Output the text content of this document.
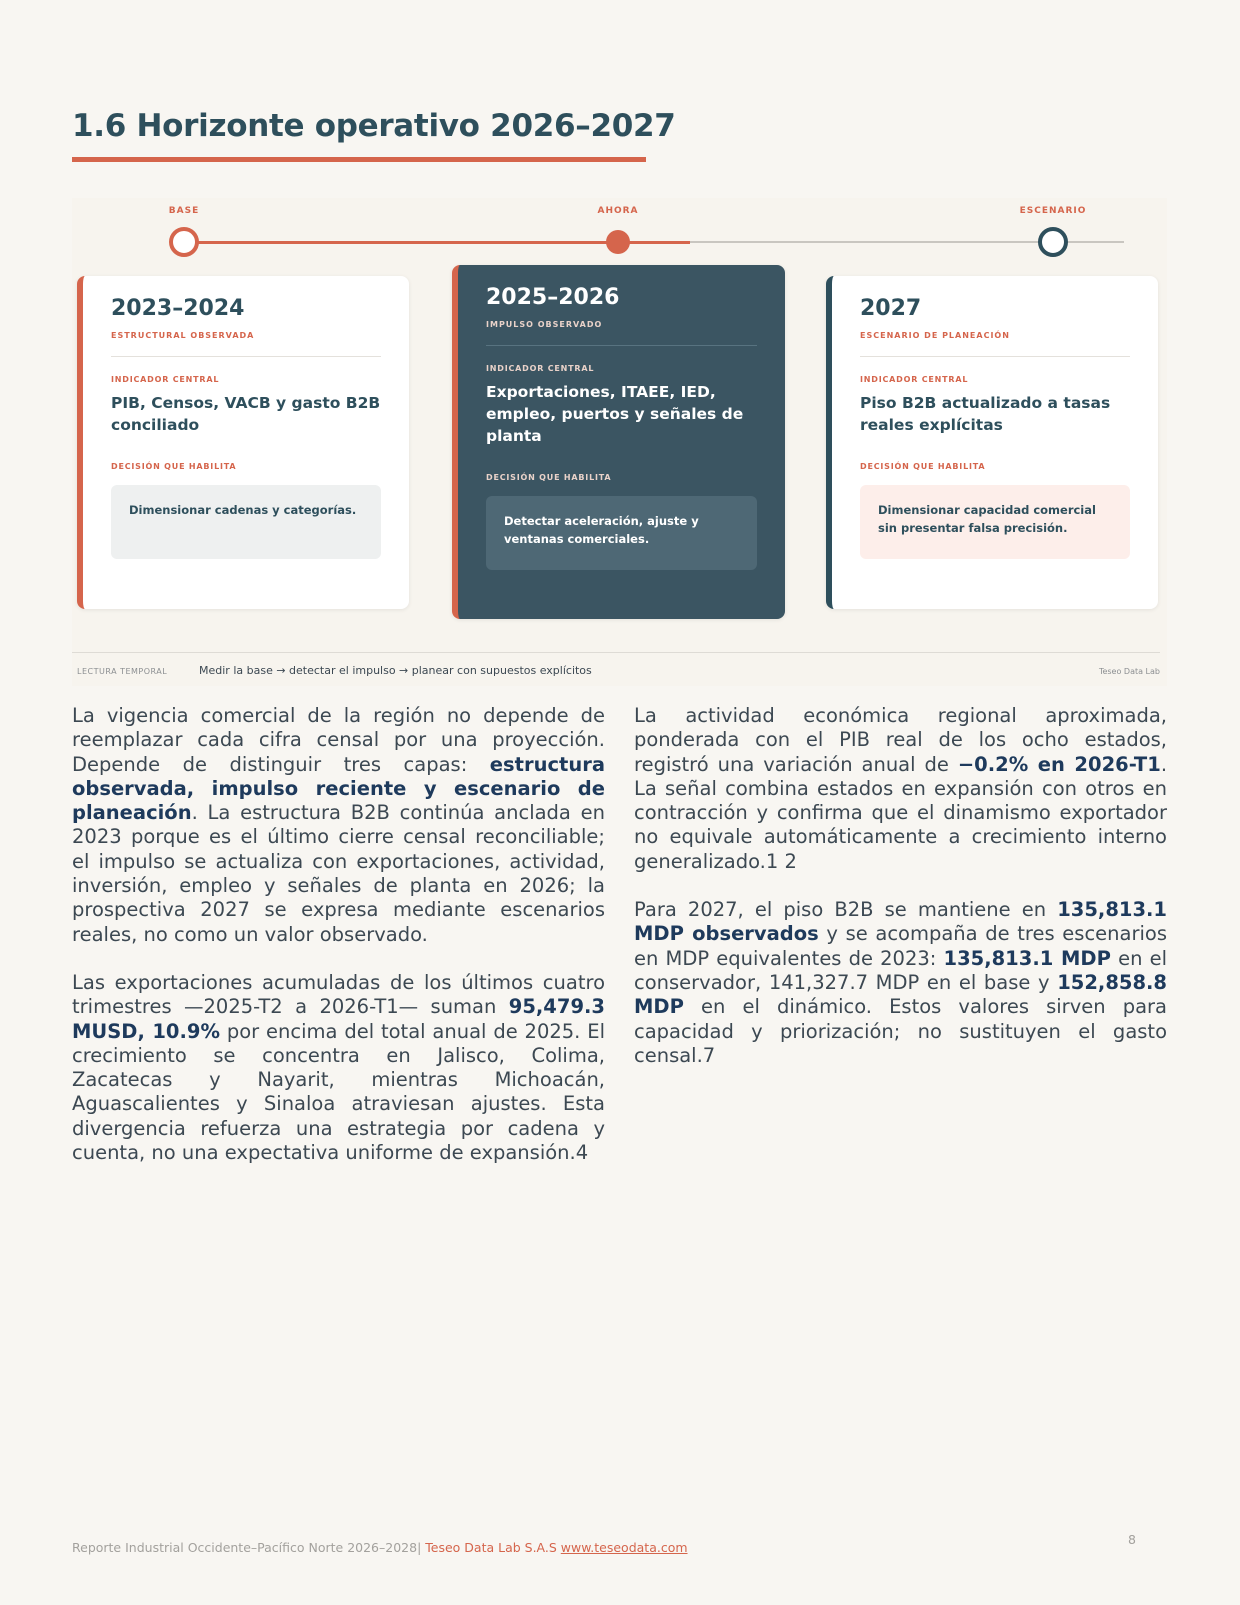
1.6 Horizonte operativo 2026–2027
BASE	AHORA	ESCENARIO
2023–2024
ESTRUCTURAL OBSERVADA
INDICADOR CENTRAL
PIB, Censos, VACB y gasto B2B conciliado
DECISIÓN QUE HABILITA
Dimensionar cadenas y categorías.
2025–2026
IMPULSO OBSERVADO
INDICADOR CENTRAL
Exportaciones, ITAEE, IED, empleo, puertos y señales de planta
DECISIÓN QUE HABILITA
Detectar aceleración, ajuste y ventanas comerciales.
2027
ESCENARIO DE PLANEACIÓN
INDICADOR CENTRAL
Piso B2B actualizado a tasas reales explícitas
DECISIÓN QUE HABILITA
Dimensionar capacidad comercial sin presentar falsa precisión.
LECTURA TEMPORAL	Medir la base → detectar el impulso → planear con supuestos explícitos	Teseo Data Lab

La vigencia comercial de la región no depende de reemplazar cada cifra censal por una proyección. Depende de distinguir tres capas: estructura observada, impulso reciente y escenario de planeación. La estructura B2B continúa anclada en 2023 porque es el último cierre censal reconciliable; el impulso se actualiza con exportaciones, actividad, inversión, empleo y señales de planta en 2026; la prospectiva 2027 se expresa mediante escenarios reales, no como un valor observado.

Las exportaciones acumuladas de los últimos cuatro trimestres —2025-T2 a 2026-T1— suman 95,479.3 MUSD, 10.9% por encima del total anual de 2025. El crecimiento se concentra en Jalisco, Colima, Zacatecas y Nayarit, mientras Michoacán, Aguascalientes y Sinaloa atraviesan ajustes. Esta divergencia refuerza una estrategia por cadena y cuenta, no una expectativa uniforme de expansión.4

La actividad económica regional aproximada, ponderada con el PIB real de los ocho estados, registró una variación anual de −0.2% en 2026-T1. La señal combina estados en expansión con otros en contracción y confirma que el dinamismo exportador no equivale automáticamente a crecimiento interno generalizado.1 2

Para 2027, el piso B2B se mantiene en 135,813.1 MDP observados y se acompaña de tres escenarios en MDP equivalentes de 2023: 135,813.1 MDP en el conservador, 141,327.7 MDP en el base y 152,858.8 MDP en el dinámico. Estos valores sirven para capacidad y priorización; no sustituyen el gasto censal.7

Reporte Industrial Occidente–Pacífico Norte 2026–2028| Teseo Data Lab S.A.S www.teseodata.com
8
